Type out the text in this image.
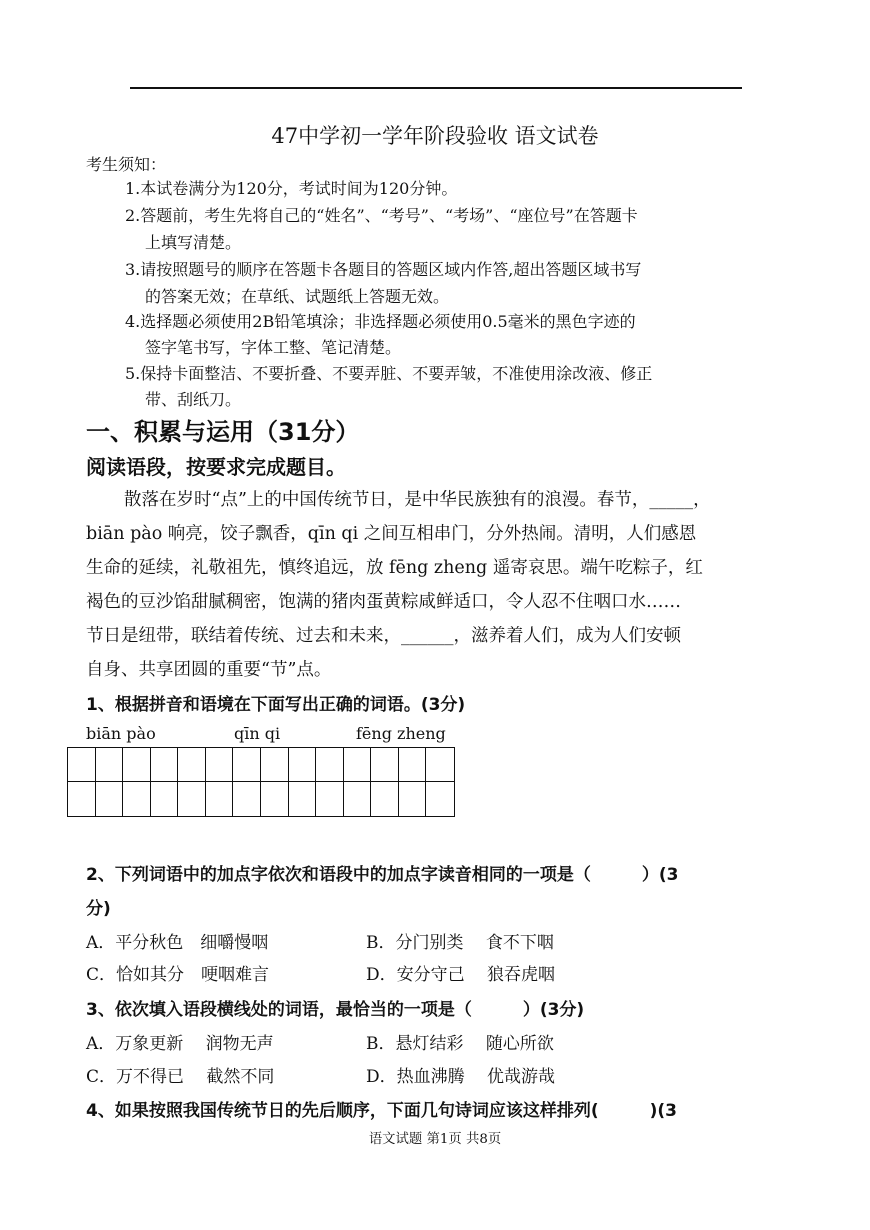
47中学初一学年阶段验收 语文试卷
考生须知：
1.本试卷满分为120分，考试时间为120分钟。
2.答题前，考生先将自己的“姓名”、“考号”、“考场”、“座位号”在答题卡
上填写清楚。
3.请按照题号的顺序在答题卡各题目的答题区域内作答,超出答题区域书写
的答案无效；在草纸、试题纸上答题无效。
4.选择题必须使用2B铅笔填涂；非选择题必须使用0.5毫米的黑色字迹的
签字笔书写，字体工整、笔记清楚。
5.保持卡面整洁、不要折叠、不要弄脏、不要弄皱，不准使用涂改液、修正
带、刮纸刀。
一、积累与运用（31分）
阅读语段，按要求完成题目。
散落在岁时“点”上的中国传统节日，是中华民族独有的浪漫。春节，_____，
biān pào 响亮，饺子飘香，qīn qi 之间互相串门，分外热闹。清明，人们感恩
生命的延续，礼敬祖先，慎终追远，放 fēng zheng 遥寄哀思。端午吃粽子，红
褐色的豆沙馅甜腻稠密，饱满的猪肉蛋黄粽咸鲜适口，令人忍不住咽口水……
节日是纽带，联结着传统、过去和未来，______，滋养着人们，成为人们安顿
自身、共享团圆的重要“节”点。
1、根据拼音和语境在下面写出正确的词语。(3分)
biān pào	qīn qi	fēng zheng
2、下列词语中的加点字依次和语段中的加点字读音相同的一项是（　　　）(3
分)
A．平分秋色　细嚼慢咽	B．分门别类　 食不下咽
C．恰如其分　哽咽难言	D．安分守己　 狼吞虎咽
3、依次填入语段横线处的词语，最恰当的一项是（　　　）(3分)
A．万象更新　 润物无声	B．悬灯结彩　 随心所欲
C．万不得已　 截然不同	D．热血沸腾　 优哉游哉
4、如果按照我国传统节日的先后顺序，下面几句诗词应该这样排列(　　　)(3
语文试题 第1页 共8页
